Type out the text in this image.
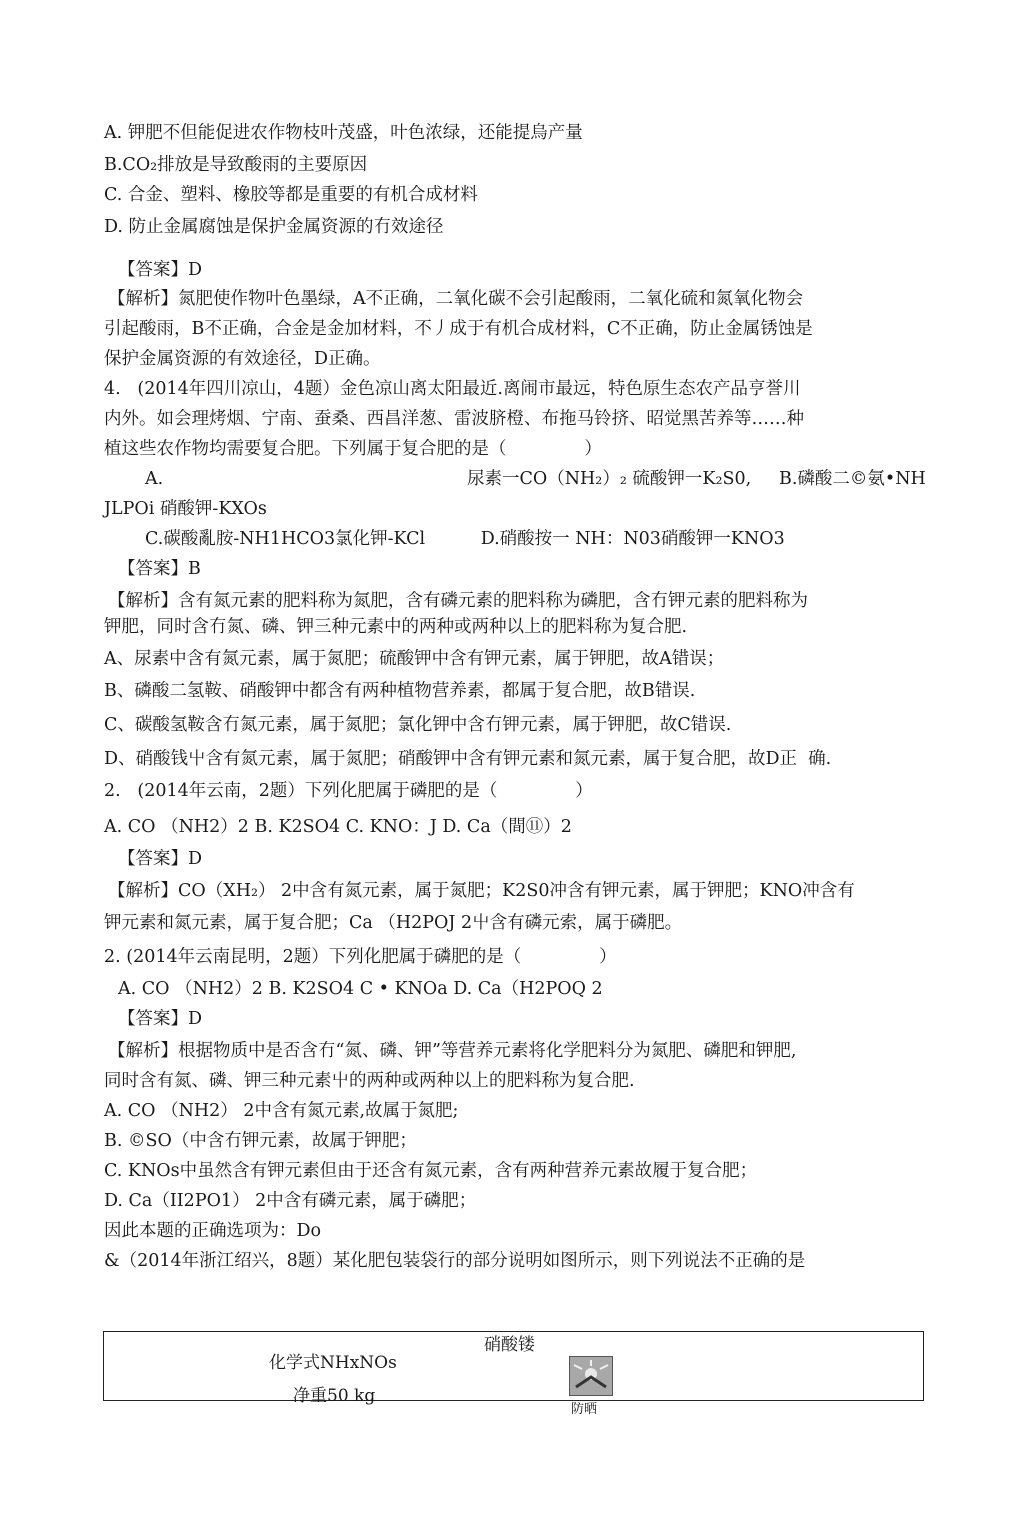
A. 钾肥不但能促进农作物枝叶茂盛，叶色浓绿，还能提烏产量
B.CO₂排放是导致酸雨的主要原因
C. 合金、塑料、橡胶等都是重要的有机合成材料
D. 防止金属腐蚀是保护金属资源的冇效途径
【答案】D
【解析】氮肥使作物叶色墨绿，A不正确，二氧化碳不会引起酸雨，二氧化硫和氮氧化物会
引起酸雨，B不正确，合金是金加材料，不丿成于有机合成材料，C不正确，防止金属锈蚀是
保护金属资源的有效途径，D正确。
4.   (2014年四川凉山，4题）金色凉山离太阳最近.离闹市最远，特色原生态农产品亨誉川
内外。如会理烤烟、宁南、蚕桑、西昌洋葱、雷波脐橙、布拖马铃挤、昭觉黑苦养等……种
植这些农作物均需要复合肥。下列属于复合肥的是（              ）
A.	尿素一CO（NH₂）₂ 硫酸钾一K₂S0,     B.磷酸二©氨•NH
JLPOi 硝酸钾-KXOs
C.碳酸亂胺-NH1HCO3氯化钾-KCl          D.硝酸按一 NH：N03硝酸钾一KNO3
【答案】B
【解析】含有氮元素的肥料称为氮肥，含有磷元素的肥料称为磷肥，含冇钾元素的肥料称为
钾肥，同时含冇氮、磷、钾三种元素中的两种或两种以上的肥料称为复合肥.
A、尿素中含有氮元素，属于氮肥；硫酸钾中含有钾元素，属于钾肥，故A错误；
B、磷酸二氢鞍、硝酸钾中都含有两种植物营养素，都属于复合肥，故B错误.
C、碳酸氢鞍含冇氮元素，属于氮肥；氯化钾中含冇钾元素，属于钾肥，故C错误.
D、硝酸钱屮含有氮元素，属于氮肥；硝酸钾中含有钾元素和氮元素，属于复合肥，故D正  确.
2.   (2014年云南，2题）下列化肥属于磷肥的是（              ）
A. CO （NH2）2 B. K2SO4 C. KNO：J D. Ca（間⑪）2
【答案】D
【解析】CO（XH₂） 2中含有氮元素，属于氮肥；K2S0冲含有钾元素，属于钾肥；KNO冲含有
钾元素和氮元素，属于复合肥；Ca （H2POJ 2屮含有磷元索，属于磷肥。
2. (2014年云南昆明，2题）下列化肥属于磷肥的是（              ）
A. CO （NH2）2 B. K2SO4 C • KNOa D. Ca（H2POQ 2
【答案】D
【解析】根据物质中是否含冇“氮、磷、钾”等营养元素将化学肥料分为氮肥、磷肥和钾肥,
同时含有氮、磷、钾三种元素屮的两种或两种以上的肥料称为复合肥.
A. CO （NH2） 2中含有氮元素,故属于氮肥;
B. ©SO（中含冇钾元素，故属于钾肥；
C. KNOs中虽然含有钾元素但由于还含有氮元素，含有两种营养元素故履于复合肥；
D. Ca（II2PO1） 2中含有磷元素，属于磷肥；
因此本题的正确选项为：Do
&（2014年浙江绍兴，8题）某化肥包装袋行的部分说明如图所示，则下列说法不正确的是
硝酸镂
化学式NHxNOs
净重50 kg
防晒
